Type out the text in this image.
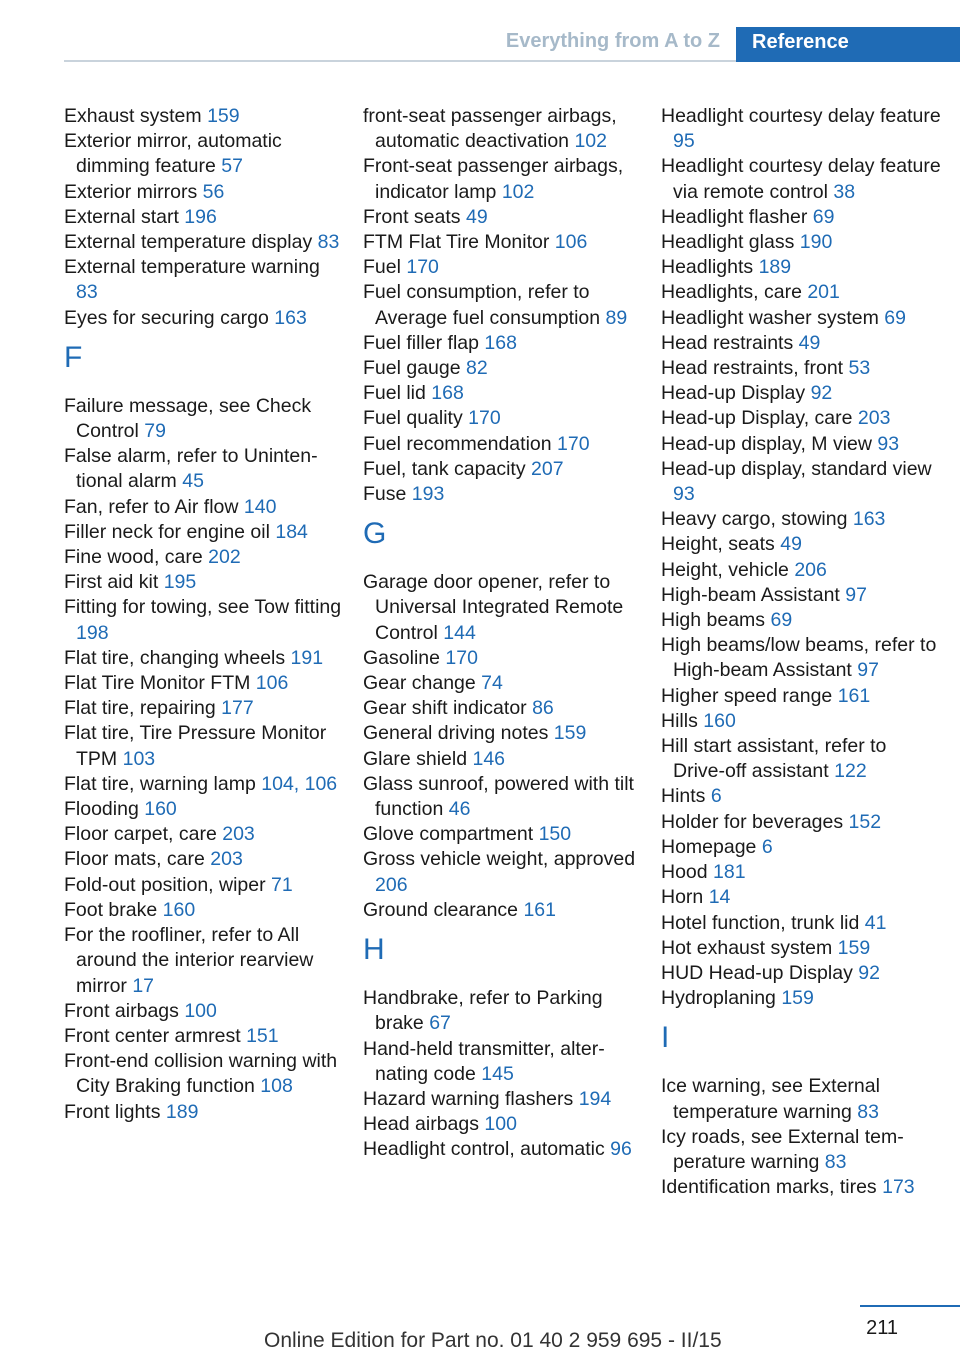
Everything from A to Z Reference
Exhaust system 159
Exterior mirror, automatic dimming feature 57
Exterior mirrors 56
External start 196
External temperature display 83
External temperature warning 83
Eyes for securing cargo 163
F
Failure message, see Check Control 79
False alarm, refer to Unintentional alarm 45
Fan, refer to Air flow 140
Filler neck for engine oil 184
Fine wood, care 202
First aid kit 195
Fitting for towing, see Tow fitting 198
Flat tire, changing wheels 191
Flat Tire Monitor FTM 106
Flat tire, repairing 177
Flat tire, Tire Pressure Monitor TPM 103
Flat tire, warning lamp 104, 106
Flooding 160
Floor carpet, care 203
Floor mats, care 203
Fold-out position, wiper 71
Foot brake 160
For the roofliner, refer to All around the interior rearview mirror 17
Front airbags 100
Front center armrest 151
Front-end collision warning with City Braking function 108
Front lights 189
front-seat passenger airbags, automatic deactivation 102
Front-seat passenger airbags, indicator lamp 102
Front seats 49
FTM Flat Tire Monitor 106
Fuel 170
Fuel consumption, refer to Average fuel consumption 89
Fuel filler flap 168
Fuel gauge 82
Fuel lid 168
Fuel quality 170
Fuel recommendation 170
Fuel, tank capacity 207
Fuse 193
G
Garage door opener, refer to Universal Integrated Remote Control 144
Gasoline 170
Gear change 74
Gear shift indicator 86
General driving notes 159
Glare shield 146
Glass sunroof, powered with tilt function 46
Glove compartment 150
Gross vehicle weight, approved 206
Ground clearance 161
H
Handbrake, refer to Parking brake 67
Hand-held transmitter, alternating code 145
Hazard warning flashers 194
Head airbags 100
Headlight control, automatic 96
Headlight courtesy delay feature 95
Headlight courtesy delay feature via remote control 38
Headlight flasher 69
Headlight glass 190
Headlights 189
Headlights, care 201
Headlight washer system 69
Head restraints 49
Head restraints, front 53
Head-up Display 92
Head-up Display, care 203
Head-up display, M view 93
Head-up display, standard view 93
Heavy cargo, stowing 163
Height, seats 49
Height, vehicle 206
High-beam Assistant 97
High beams 69
High beams/low beams, refer to High-beam Assistant 97
Higher speed range 161
Hills 160
Hill start assistant, refer to Drive-off assistant 122
Hints 6
Holder for beverages 152
Homepage 6
Hood 181
Horn 14
Hotel function, trunk lid 41
Hot exhaust system 159
HUD Head-up Display 92
Hydroplaning 159
I
Ice warning, see External temperature warning 83
Icy roads, see External temperature warning 83
Identification marks, tires 173
211
Online Edition for Part no. 01 40 2 959 695 - II/15
